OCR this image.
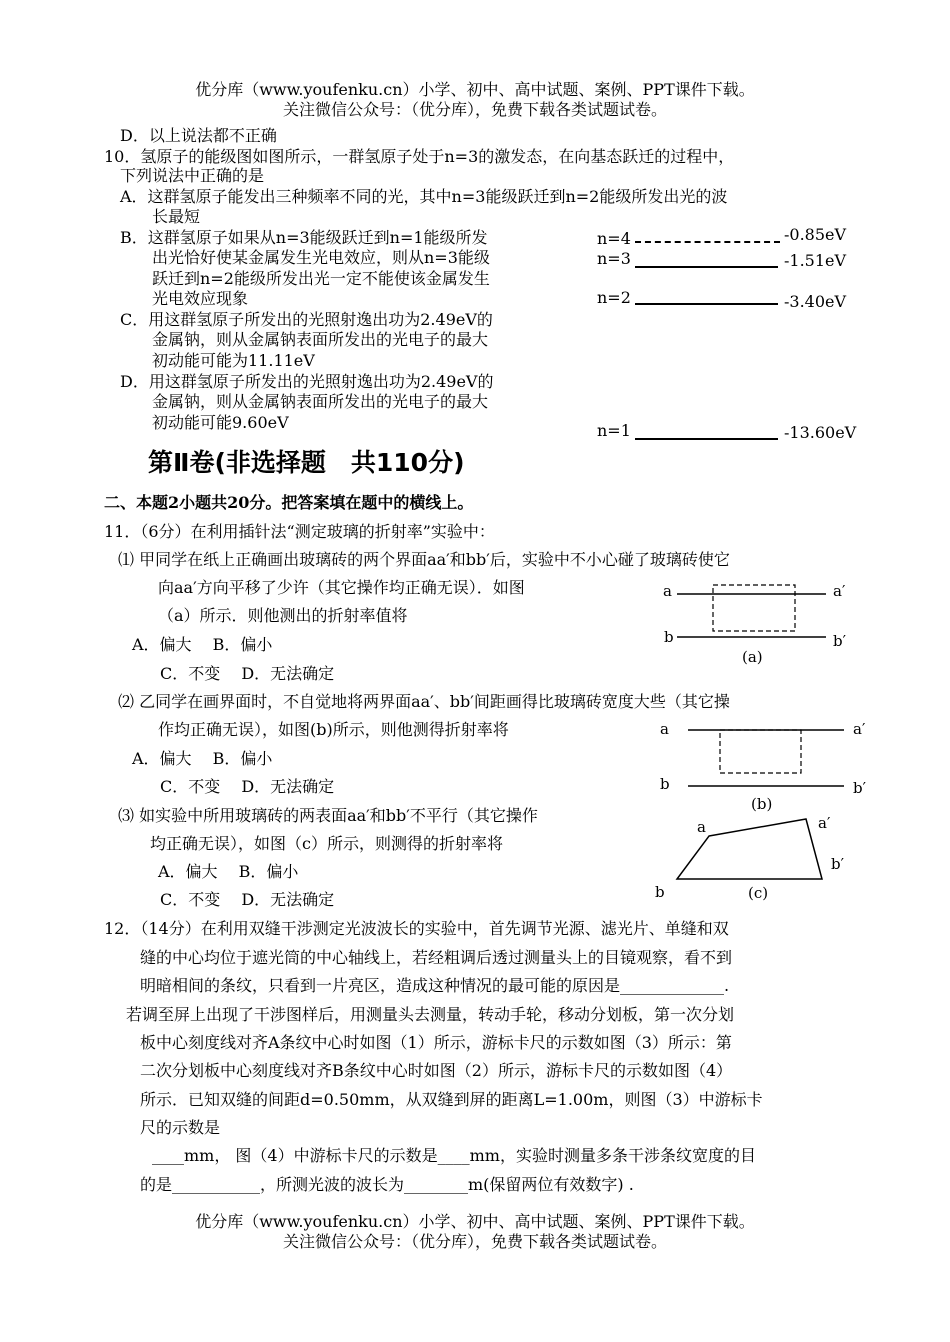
优分库（www.youfenku.cn）小学、初中、高中试题、案例、PPT课件下载。
关注微信公众号：（优分库），免费下载各类试题试卷。
D．以上说法都不正确
10．氢原子的能级图如图所示，一群氢原子处于n=3的激发态，在向基态跃迁的过程中，
下列说法中正确的是
A．这群氢原子能发出三种频率不同的光，其中n=3能级跃迁到n=2能级所发出光的波
长最短
B．这群氢原子如果从n=3能级跃迁到n=1能级所发
出光恰好使某金属发生光电效应，则从n=3能级
跃迁到n=2能级所发出光一定不能使该金属发生
光电效应现象
C．用这群氢原子所发出的光照射逸出功为2.49eV的
金属钠，则从金属钠表面所发出的光电子的最大
初动能可能为11.11eV
D．用这群氢原子所发出的光照射逸出功为2.49eV的
金属钠，则从金属钠表面所发出的光电子的最大
初动能可能9.60eV
n=4	-0.85eV
n=3	-1.51eV
n=2	-3.40eV
n=1	-13.60eV
第Ⅱ卷(非选择题　共110分)
二、本题2小题共20分。把答案填在题中的横线上。
11．（6分）在利用插针法“测定玻璃的折射率”实验中：
⑴ 甲同学在纸上正确画出玻璃砖的两个界面aa′和bb′后，实验中不小心碰了玻璃砖使它
向aa′方向平移了少许（其它操作均正确无误）．如图
（a）所示．则他测出的折射率值将
A．偏大　 B．偏小
C．不变　 D．无法确定
⑵ 乙同学在画界面时，不自觉地将两界面aa′、bb′间距画得比玻璃砖宽度大些（其它操
作均正确无误），如图(b)所示，则他测得折射率将
A．偏大　 B．偏小
C．不变　 D．无法确定
⑶ 如实验中所用玻璃砖的两表面aa′和bb′不平行（其它操作
均正确无误），如图（c）所示，则测得的折射率将
A．偏大　 B．偏小
C．不变　 D．无法确定
a	a′
b	b′
(a)
a	a′
b	b′
(b)
a	a′
b
b′
(c)
12．（14分）在利用双缝干涉测定光波波长的实验中，首先调节光源、滤光片、单缝和双
缝的中心均位于遮光筒的中心轴线上，若经粗调后透过测量头上的目镜观察，看不到
明暗相间的条纹，只看到一片亮区，造成这种情况的最可能的原因是_____________.
若调至屏上出现了干涉图样后，用测量头去测量，转动手轮，移动分划板，第一次分划
板中心刻度线对齐A条纹中心时如图（1）所示，游标卡尺的示数如图（3）所示：第
二次分划板中心刻度线对齐B条纹中心时如图（2）所示，游标卡尺的示数如图（4）
所示．已知双缝的间距d=0.50mm，从双缝到屏的距离L=1.00m，则图（3）中游标卡
尺的示数是
____mm， 图（4）中游标卡尺的示数是____mm，实验时测量多条干涉条纹宽度的目
的是___________，所测光波的波长为________m(保留两位有效数字) .
优分库（www.youfenku.cn）小学、初中、高中试题、案例、PPT课件下载。
关注微信公众号：（优分库），免费下载各类试题试卷。
